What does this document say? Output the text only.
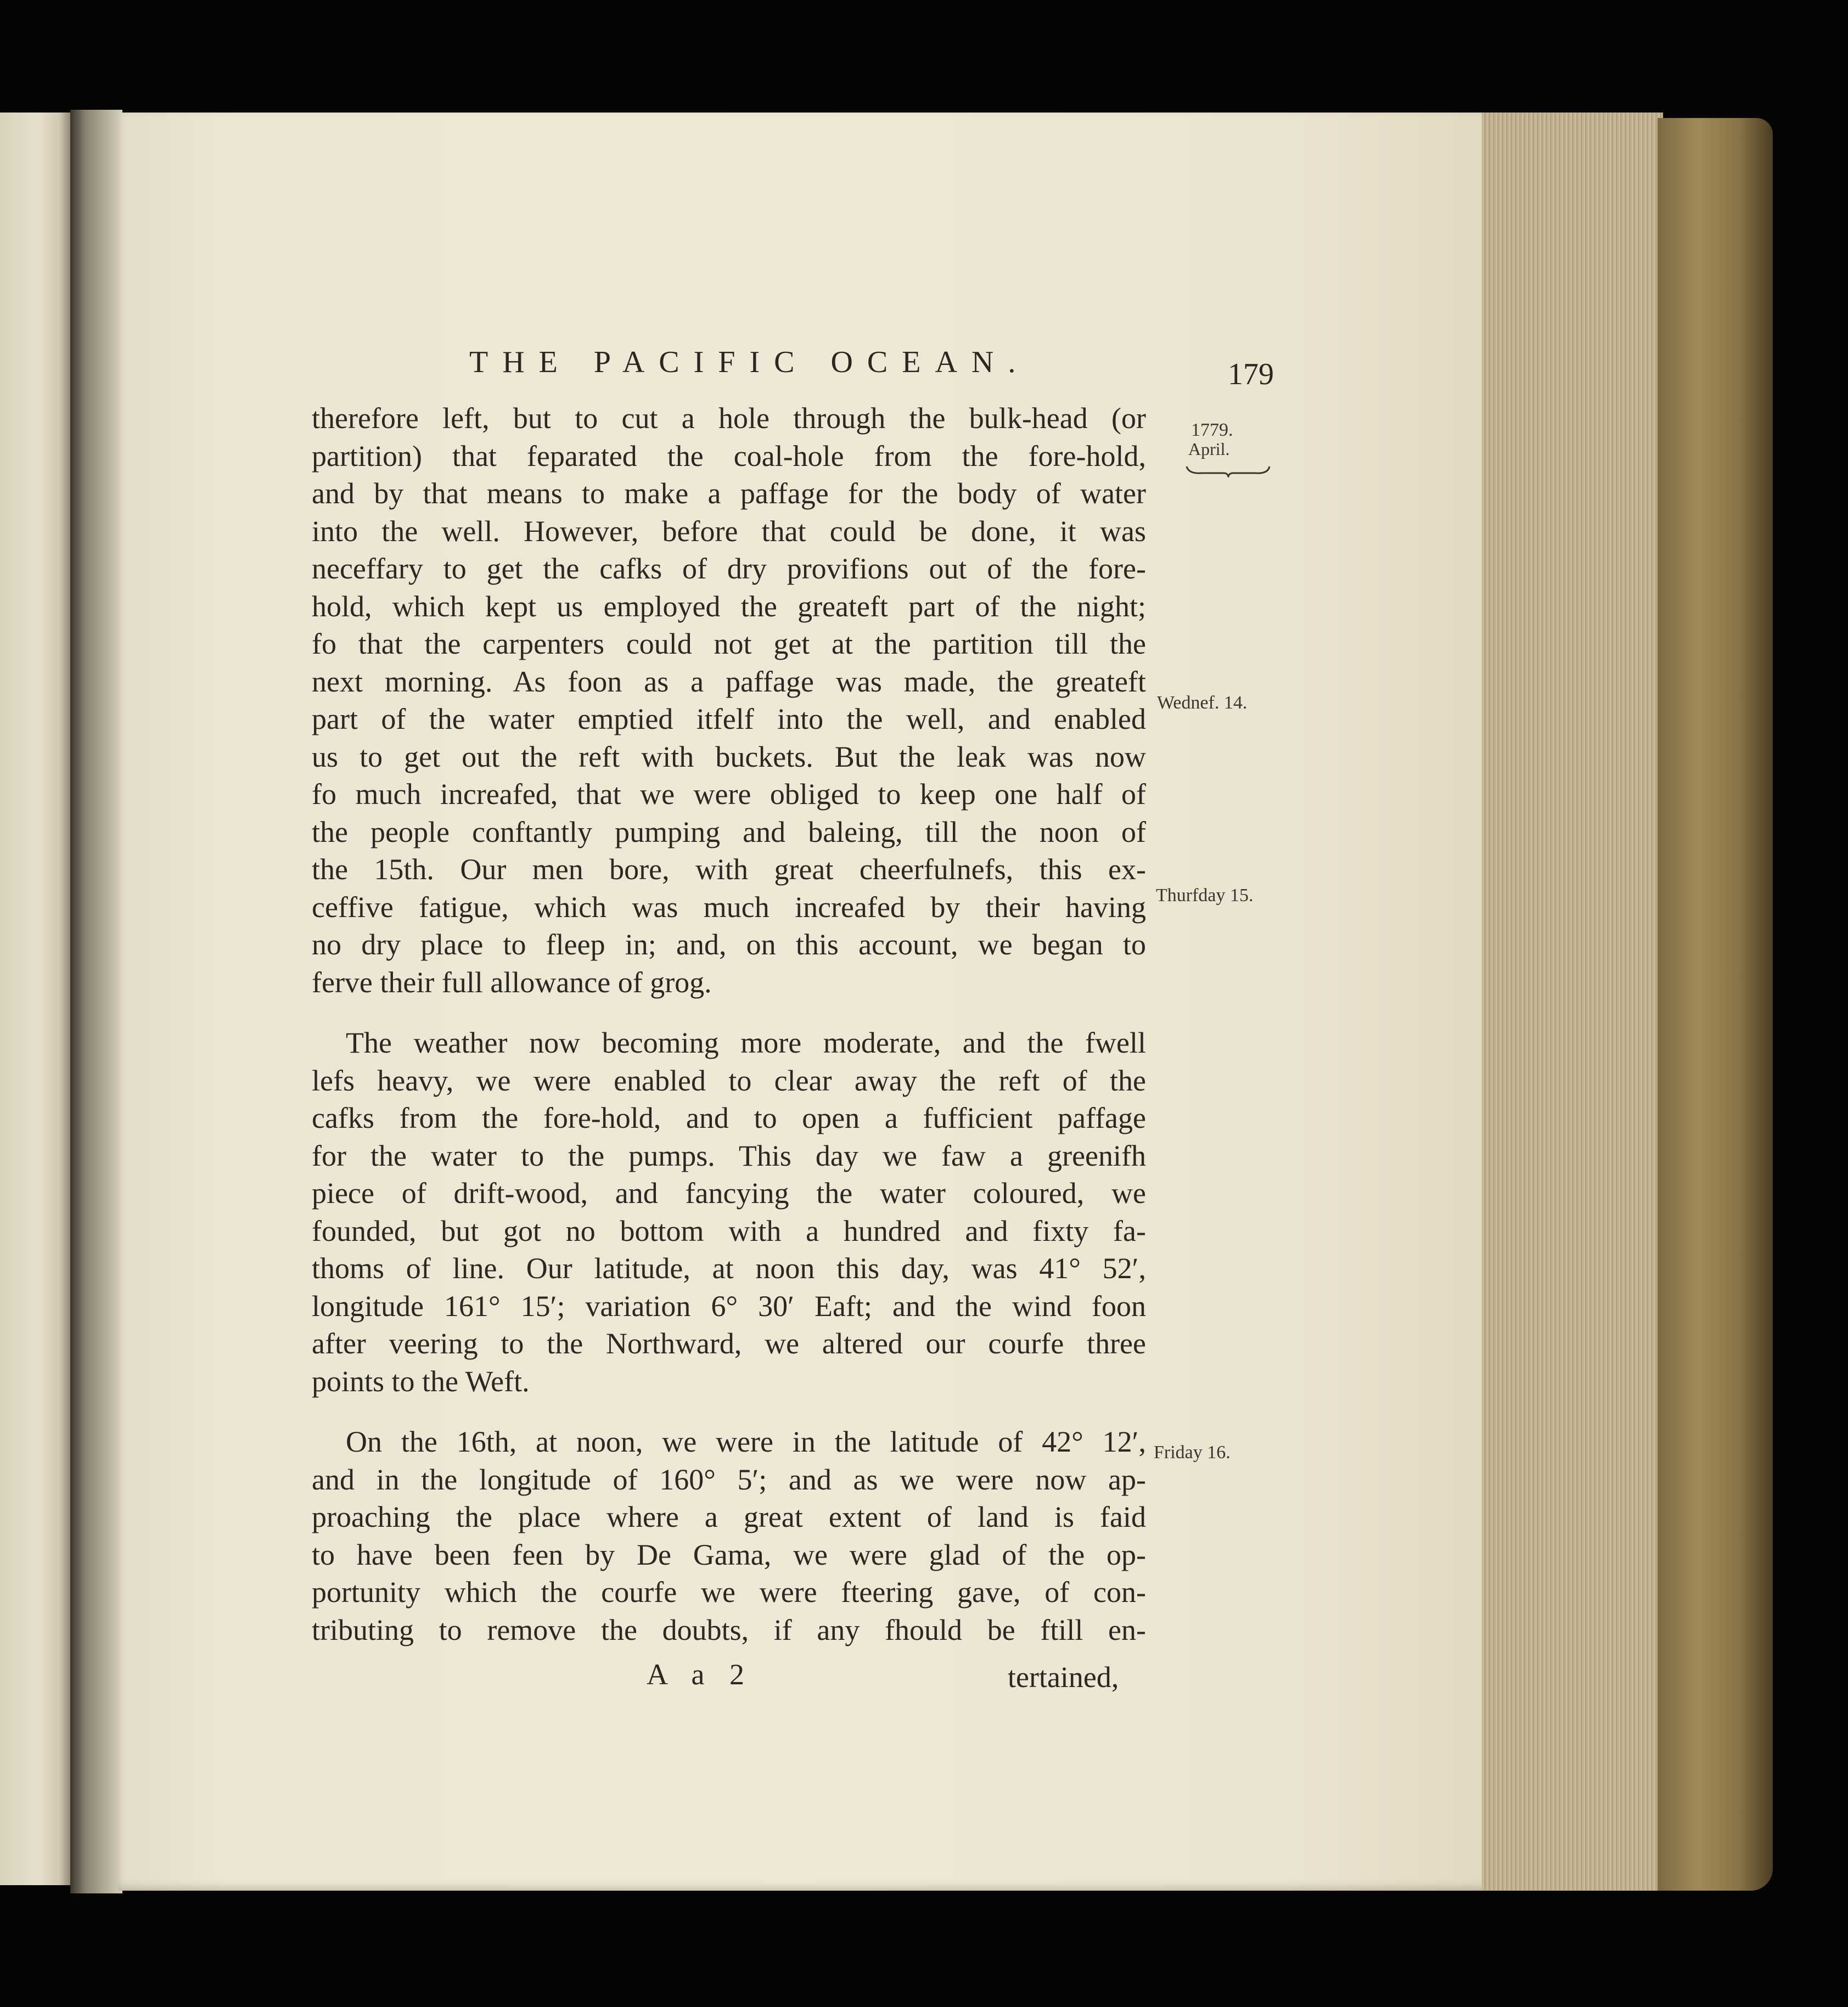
THE PACIFIC OCEAN.	179
1779.
April.
Wednef. 14.
Thurfday 15.
Friday 16.
therefore left, but to cut a hole through the bulk-head (or
partition) that feparated the coal-hole from the fore-hold,
and by that means to make a paffage for the body of water
into the well. However, before that could be done, it was
neceffary to get the cafks of dry provifions out of the fore-
hold, which kept us employed the greateft part of the night;
fo that the carpenters could not get at the partition till the
next morning. As foon as a paffage was made, the greateft
part of the water emptied itfelf into the well, and enabled
us to get out the reft with buckets. But the leak was now
fo much increafed, that we were obliged to keep one half of
the people conftantly pumping and baleing, till the noon of
the 15th. Our men bore, with great cheerfulnefs, this ex-
ceffive fatigue, which was much increafed by their having
no dry place to fleep in; and, on this account, we began to
ferve their full allowance of grog.
The weather now becoming more moderate, and the fwell
lefs heavy, we were enabled to clear away the reft of the
cafks from the fore-hold, and to open a fufficient paffage
for the water to the pumps. This day we faw a greenifh
piece of drift-wood, and fancying the water coloured, we
founded, but got no bottom with a hundred and fixty fa-
thoms of line. Our latitude, at noon this day, was 41° 52′,
longitude 161° 15′; variation 6° 30′ Eaft; and the wind foon
after veering to the Northward, we altered our courfe three
points to the Weft.
On the 16th, at noon, we were in the latitude of 42° 12′,
and in the longitude of 160° 5′; and as we were now ap-
proaching the place where a great extent of land is faid
to have been feen by De Gama, we were glad of the op-
portunity which the courfe we were fteering gave, of con-
tributing to remove the doubts, if any fhould be ftill en-
A a 2	tertained,
